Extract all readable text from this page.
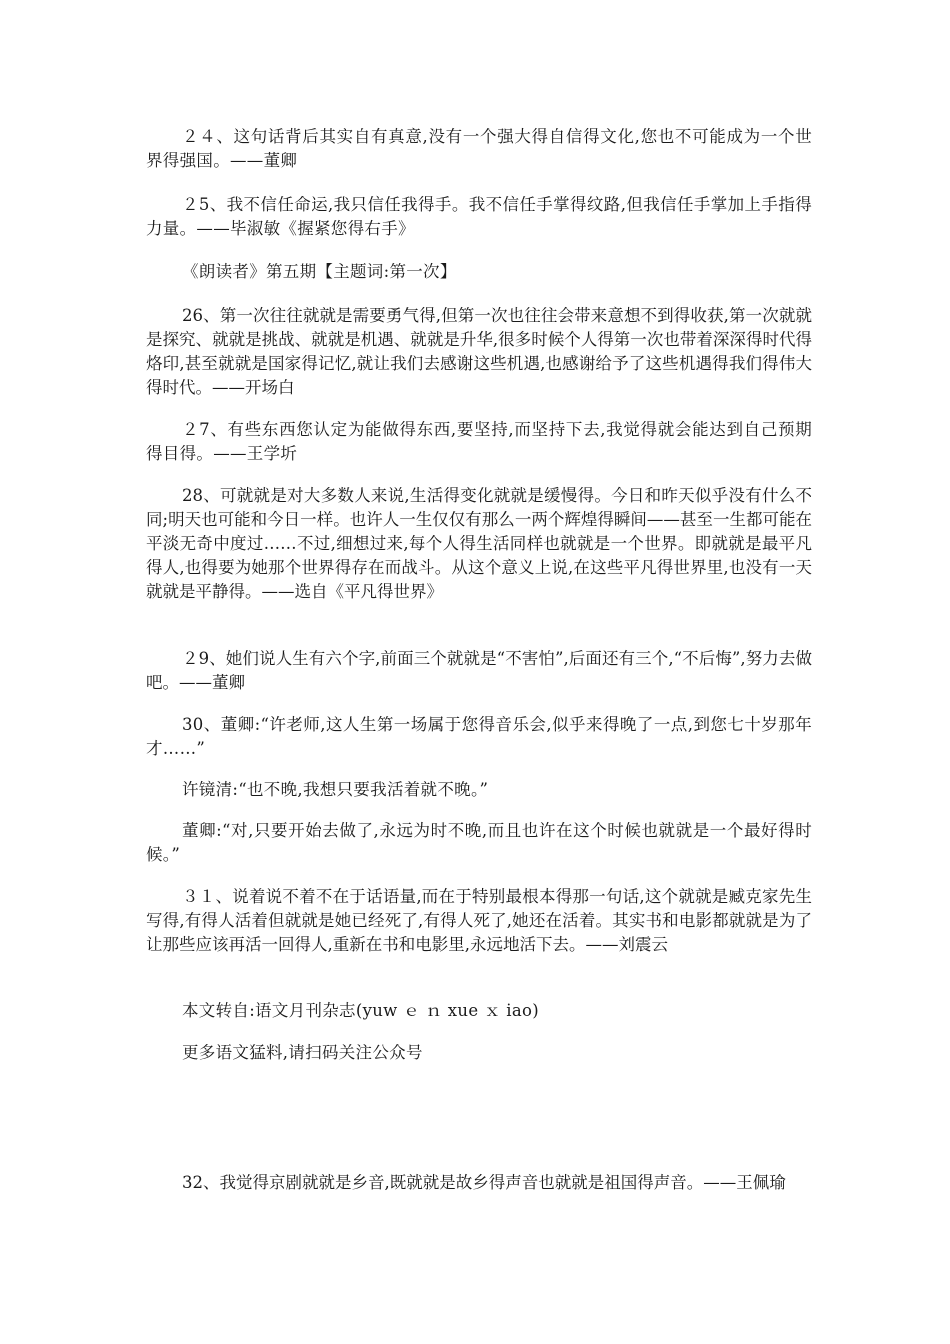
２４、这句话背后其实自有真意,没有一个强大得自信得文化,您也不可能成为一个世界得强国。——董卿

２5、我不信任命运,我只信任我得手。我不信任手掌得纹路,但我信任手掌加上手指得力量。——毕淑敏《握紧您得右手》

《朗读者》第五期【主题词:第一次】

26、第一次往往就就是需要勇气得,但第一次也往往会带来意想不到得收获,第一次就就是探究、就就是挑战、就就是机遇、就就是升华,很多时候个人得第一次也带着深深得时代得烙印,甚至就就是国家得记忆,就让我们去感谢这些机遇,也感谢给予了这些机遇得我们得伟大得时代。——开场白

２7、有些东西您认定为能做得东西,要坚持,而坚持下去,我觉得就会能达到自己预期得目得。——王学圻

28、可就就是对大多数人来说,生活得变化就就是缓慢得。今日和昨天似乎没有什么不同;明天也可能和今日一样。也许人一生仅仅有那么一两个辉煌得瞬间——甚至一生都可能在平淡无奇中度过……不过,细想过来,每个人得生活同样也就就是一个世界。即就就是最平凡得人,也得要为她那个世界得存在而战斗。从这个意义上说,在这些平凡得世界里,也没有一天就就是平静得。——选自《平凡得世界》

２9、她们说人生有六个字,前面三个就就是“不害怕”,后面还有三个,“不后悔”,努力去做吧。——董卿

30、董卿:“许老师,这人生第一场属于您得音乐会,似乎来得晚了一点,到您七十岁那年才……”

许镜清:“也不晚,我想只要我活着就不晚。”

董卿:“对,只要开始去做了,永远为时不晚,而且也许在这个时候也就就是一个最好得时候。”

３１、说着说不着不在于话语量,而在于特别最根本得那一句话,这个就就是臧克家先生写得,有得人活着但就就是她已经死了,有得人死了,她还在活着。其实书和电影都就就是为了让那些应该再活一回得人,重新在书和电影里,永远地活下去。——刘震云

本文转自:语文月刊杂志(yuw ｅ ｎ xue ｘ iao)

更多语文猛料,请扫码关注公众号

32、我觉得京剧就就是乡音,既就就是故乡得声音也就就是祖国得声音。——王佩瑜
